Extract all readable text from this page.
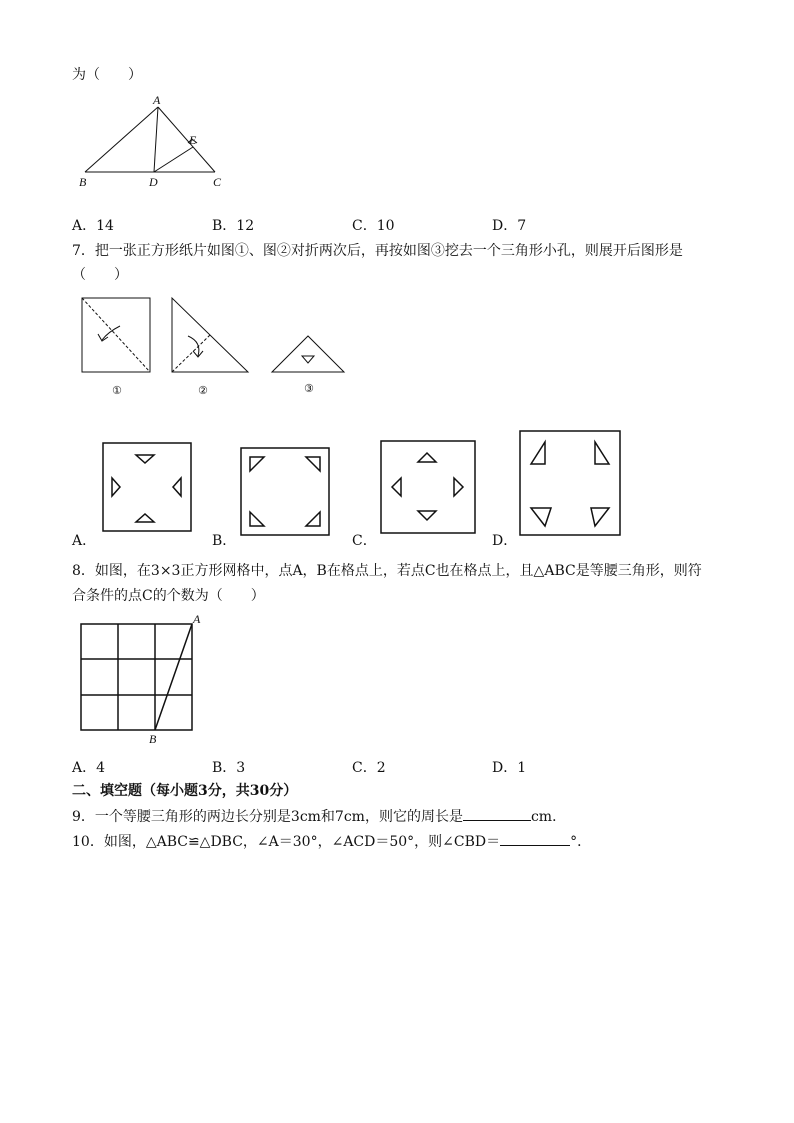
为（　　）
A
E
B	D	C
A．14	B．12	C．10	D．7
7．把一张正方形纸片如图①、图②对折两次后，再按如图③挖去一个三角形小孔，则展开后图形是
（　　）
①	②	③
A．	B．	C．	D．
8．如图，在3×3正方形网格中，点A，B在格点上，若点C也在格点上，且△ABC是等腰三角形，则符
合条件的点C的个数为（　　）
A
B
A．4	B．3	C．2	D．1
二、填空题（每小题3分，共30分）
9．一个等腰三角形的两边长分别是3cm和7cm，则它的周长是	cm．
10．如图，△ABC≌△DBC，∠A＝30°，∠ACD＝50°，则∠CBD＝	°．
